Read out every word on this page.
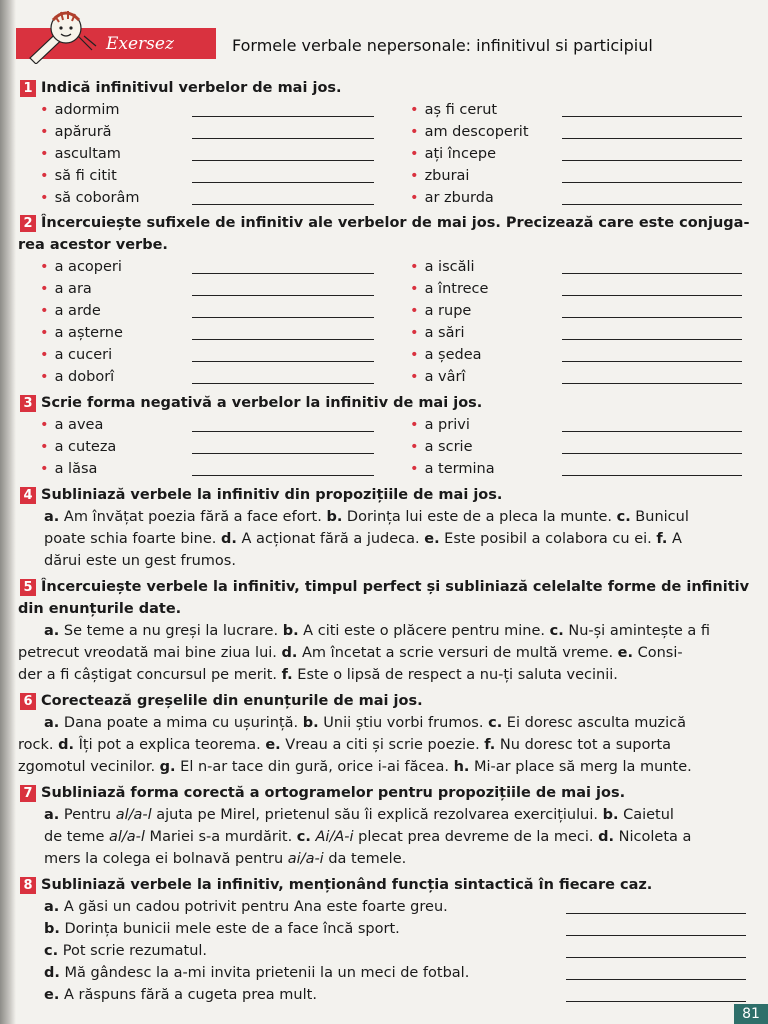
Exersez	Formele verbale nepersonale: infinitivul si participiul
1 Indică infinitivul verbelor de mai jos.
• adormim
• apărură
• ascultam
• să fi citit
• să coborâm
• aș fi cerut
• am descoperit
• ați începe
• zburai
• ar zburda
2 Încercuiește sufixele de infinitiv ale verbelor de mai jos. Precizează care este conjuga-
rea acestor verbe.
• a acoperi
• a ara
• a arde
• a așterne
• a cuceri
• a doborî
• a iscăli
• a întrece
• a rupe
• a sări
• a ședea
• a vârî
3 Scrie forma negativă a verbelor la infinitiv de mai jos.
• a avea
• a cuteza
• a lăsa
• a privi
• a scrie
• a termina
4 Subliniază verbele la infinitiv din propozițiile de mai jos.
a. Am învățat poezia fără a face efort. b. Dorința lui este de a pleca la munte. c. Bunicul
poate schia foarte bine. d. A acționat fără a judeca. e. Este posibil a colabora cu ei. f. A
dărui este un gest frumos.
5 Încercuiește verbele la infinitiv, timpul perfect și subliniază celelalte forme de infinitiv
din enunțurile date.
a. Se teme a nu greși la lucrare. b. A citi este o plăcere pentru mine. c. Nu-și amintește a fi
petrecut vreodată mai bine ziua lui. d. Am încetat a scrie versuri de multă vreme. e. Consi-
der a fi câștigat concursul pe merit. f. Este o lipsă de respect a nu-ți saluta vecinii.
6 Corectează greșelile din enunțurile de mai jos.
a. Dana poate a mima cu ușurință. b. Unii știu vorbi frumos. c. Ei doresc asculta muzică
rock. d. Îți pot a explica teorema. e. Vreau a citi și scrie poezie. f. Nu doresc tot a suporta
zgomotul vecinilor. g. El n-ar tace din gură, orice i-ai făcea. h. Mi-ar place să merg la munte.
7 Subliniază forma corectă a ortogramelor pentru propozițiile de mai jos.
a. Pentru al/a-l ajuta pe Mirel, prietenul său îi explică rezolvarea exercițiului. b. Caietul
de teme al/a-l Mariei s-a murdărit. c. Ai/A-i plecat prea devreme de la meci. d. Nicoleta a
mers la colega ei bolnavă pentru ai/a-i da temele.
8 Subliniază verbele la infinitiv, menționând funcția sintactică în fiecare caz.
a. A găsi un cadou potrivit pentru Ana este foarte greu.
b. Dorința bunicii mele este de a face încă sport.
c. Pot scrie rezumatul.
d. Mă gândesc la a-mi invita prietenii la un meci de fotbal.
e. A răspuns fără a cugeta prea mult.
81
